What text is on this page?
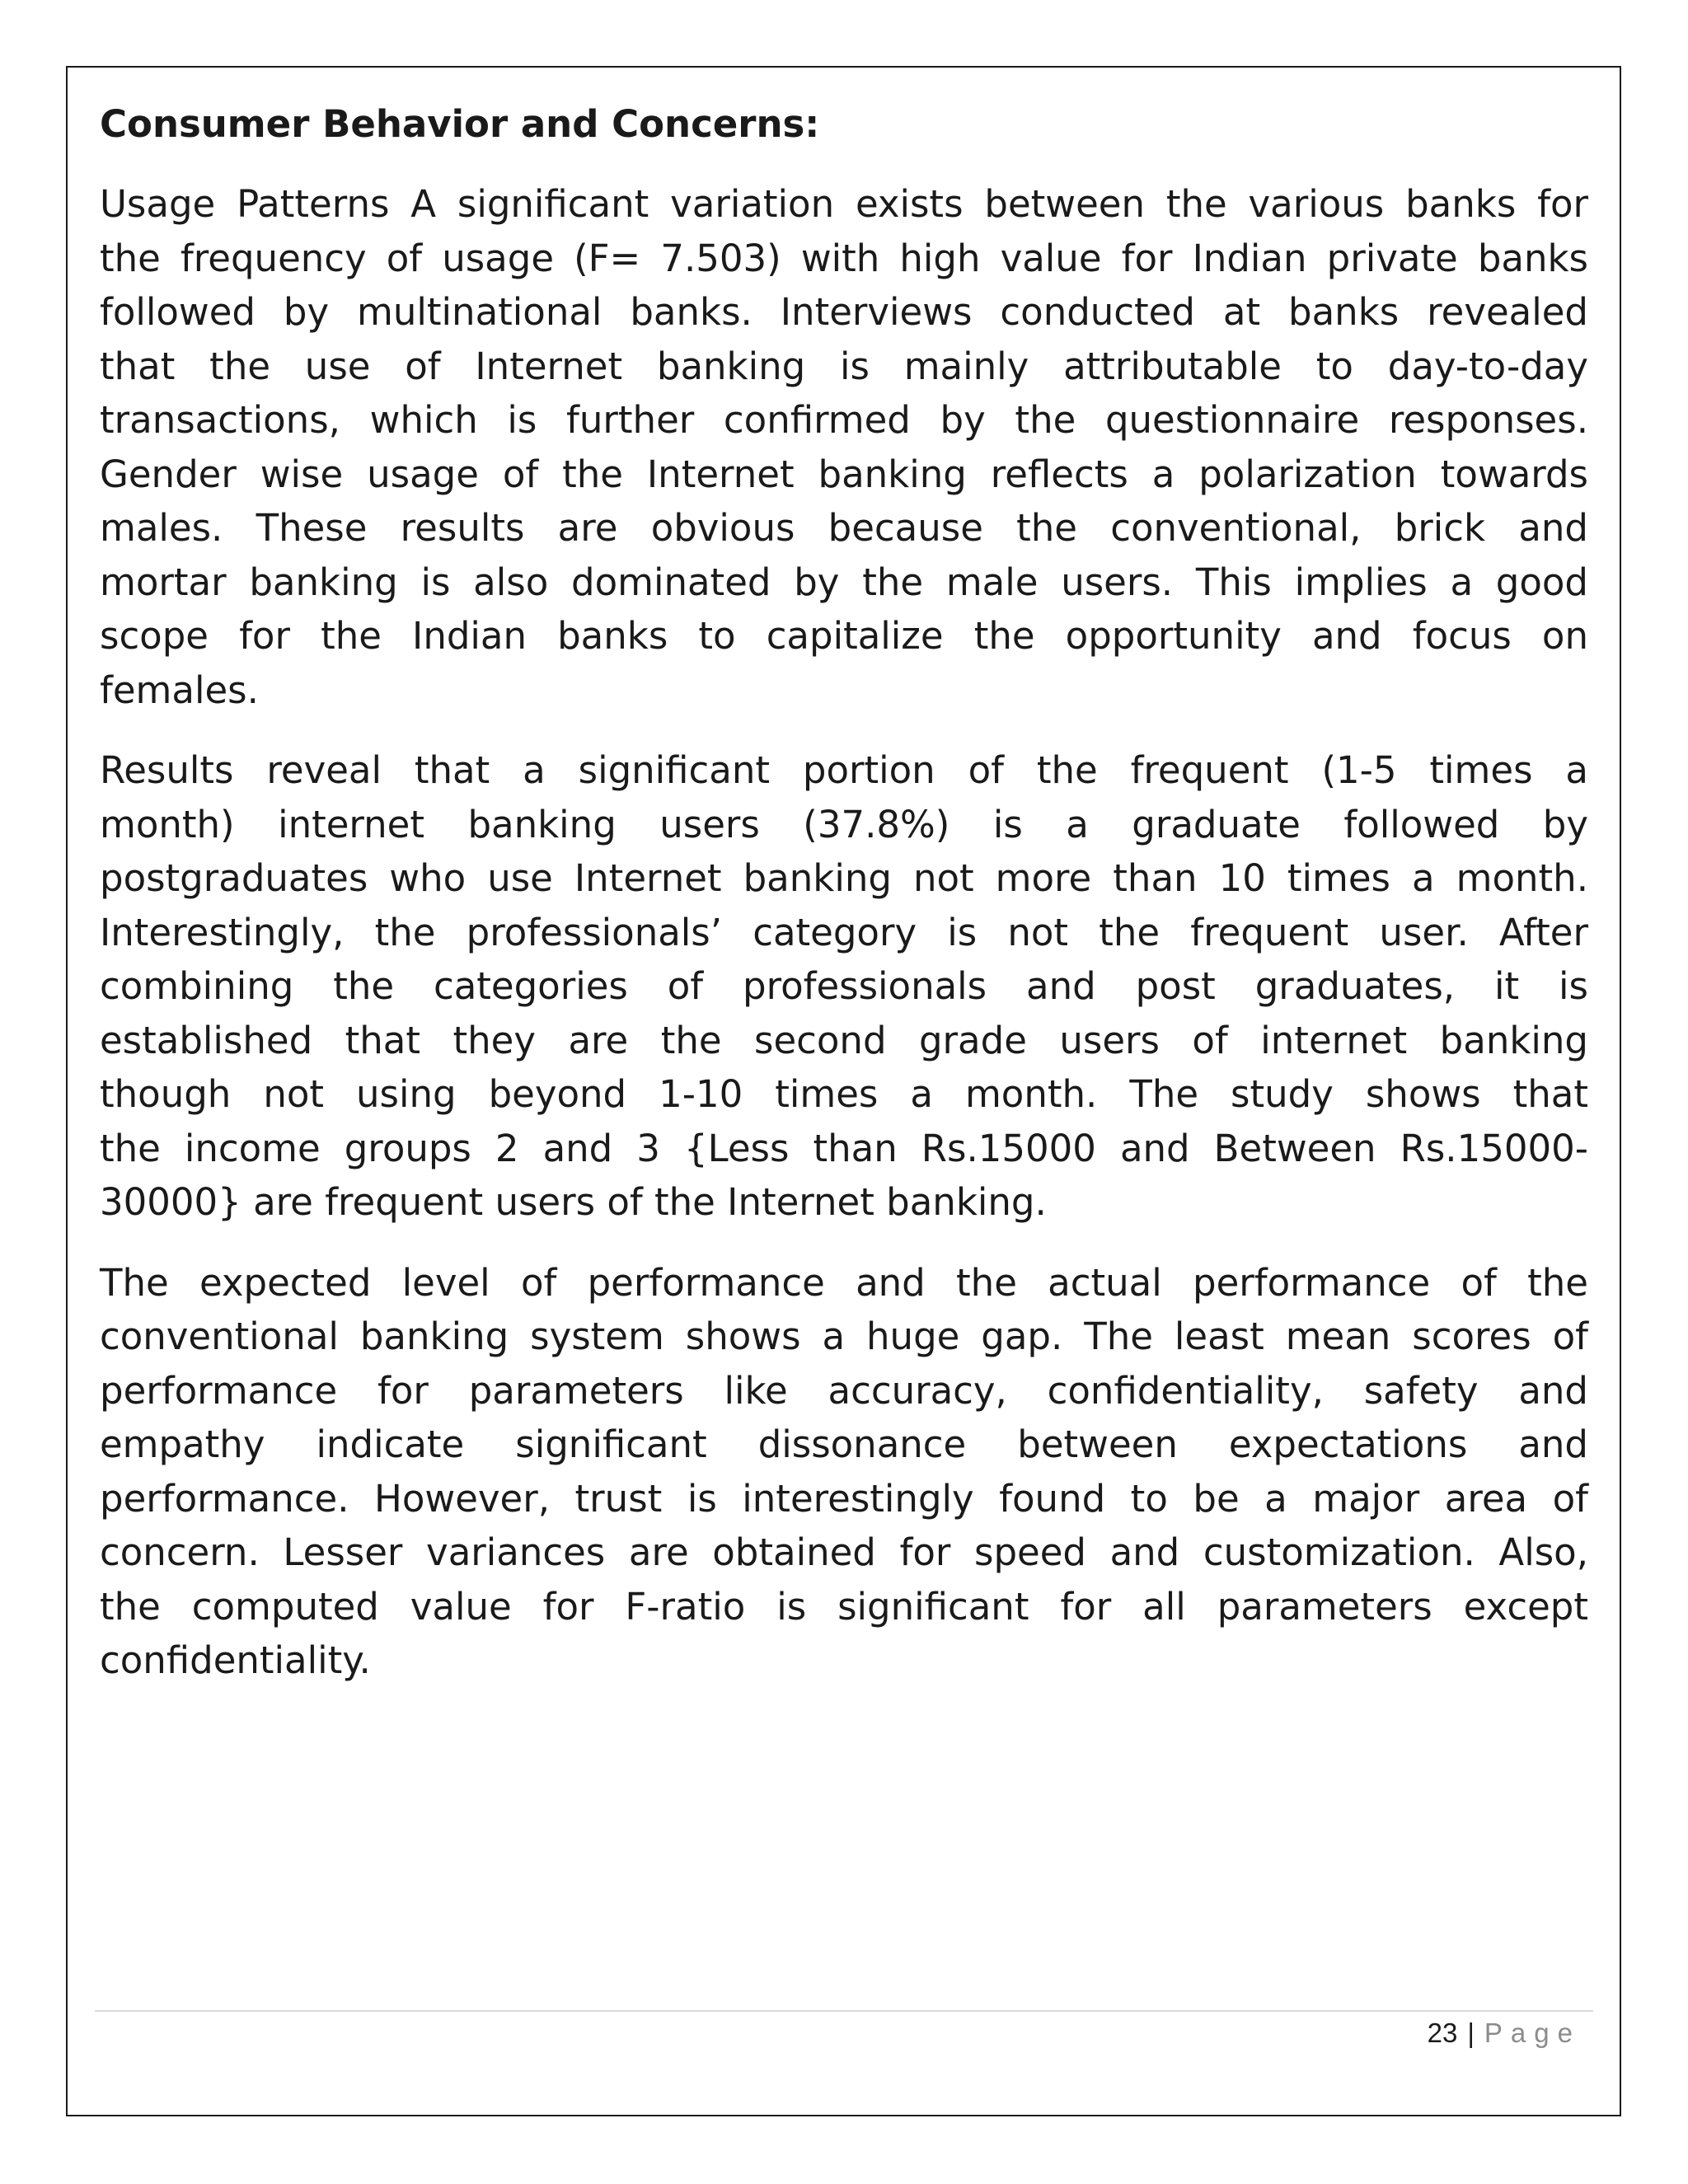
Consumer Behavior and Concerns:

Usage Patterns A significant variation exists between the various banks for
the frequency of usage (F= 7.503) with high value for Indian private banks
followed by multinational banks. Interviews conducted at banks revealed
that the use of Internet banking is mainly attributable to day-to-day
transactions, which is further confirmed by the questionnaire responses.
Gender wise usage of the Internet banking reflects a polarization towards
males. These results are obvious because the conventional, brick and
mortar banking is also dominated by the male users. This implies a good
scope for the Indian banks to capitalize the opportunity and focus on
females.

Results reveal that a significant portion of the frequent (1-5 times a
month) internet banking users (37.8%) is a graduate followed by
postgraduates who use Internet banking not more than 10 times a month.
Interestingly, the professionals’ category is not the frequent user. After
combining the categories of professionals and post graduates, it is
established that they are the second grade users of internet banking
though not using beyond 1-10 times a month. The study shows that
the income groups 2 and 3 {Less than Rs.15000 and Between Rs.15000-
30000} are frequent users of the Internet banking.

The expected level of performance and the actual performance of the
conventional banking system shows a huge gap. The least mean scores of
performance for parameters like accuracy, confidentiality, safety and
empathy indicate significant dissonance between expectations and
performance. However, trust is interestingly found to be a major area of
concern. Lesser variances are obtained for speed and customization. Also,
the computed value for F-ratio is significant for all parameters except
confidentiality.

23 | Page
